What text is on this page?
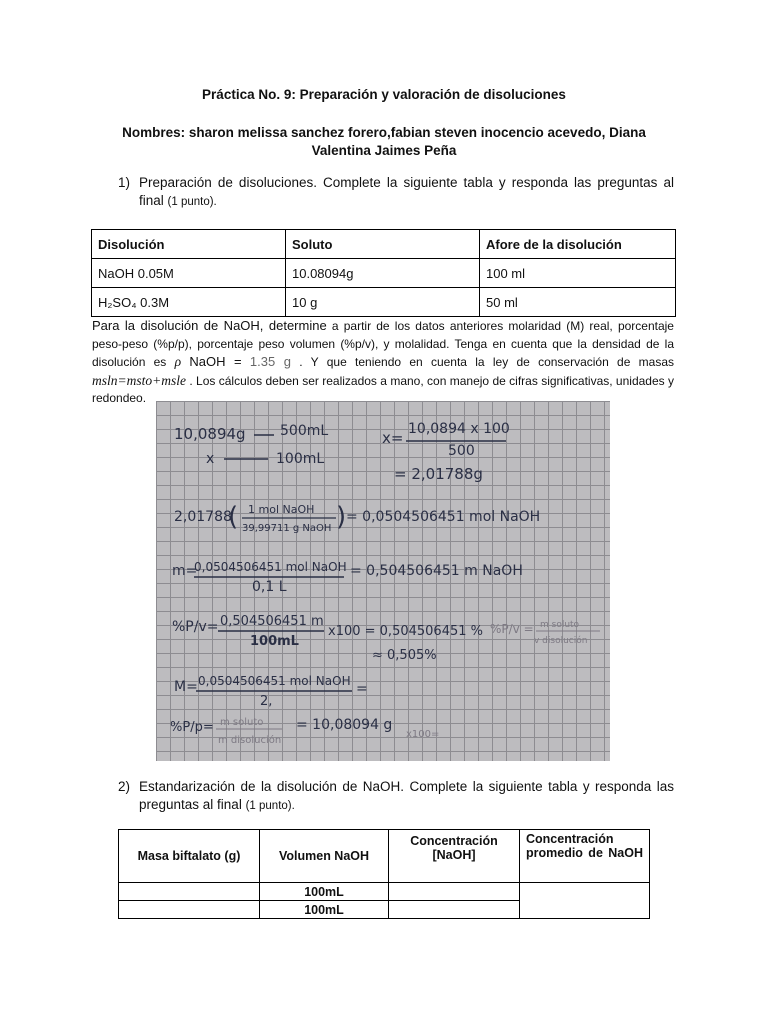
Práctica No. 9: Preparación y valoración de disoluciones
Nombres: sharon melissa sanchez forero,fabian steven inocencio acevedo, Diana Valentina Jaimes Peña
1) Preparación de disoluciones. Complete la siguiente tabla y responda las preguntas al final (1 punto).
Disolución	Soluto	Afore de la disolución
NaOH 0.05M	10.08094g	100 ml
H₂SO₄ 0.3M	10 g	50 ml
Para la disolución de NaOH, determine a partir de los datos anteriores molaridad (M) real, porcentaje peso-peso (%p/p), porcentaje peso volumen (%p/v), y molalidad. Tenga en cuenta que la densidad de la disolución es ρ NaOH = 1.35 g . Y que teniendo en cuenta la ley de conservación de masas msln=msto+msle . Los cálculos deben ser realizados a mano, con manejo de cifras significativas, unidades y redondeo.
10,0894g 500mL
x	100mL
x= 10,0894 x 100
500
= 2,01788g
2,01788
( 1 mol NaOH
39,99711 g NaOH ) = 0,0504506451 mol NaOH
m=
0,0504506451 mol NaOH
0,1 L
= 0,504506451 m NaOH
%P/v= 0,504506451 m
100mL
x100 = 0,504506451 %
≈ 0,505%
%P/v = m soluto
v disolución
M= 0,0504506451 mol NaOH
2,
=
%P/p= m soluto
m disolución
= 10,08094 g
x100=
2) Estandarización de la disolución de NaOH. Complete la siguiente tabla y responda las preguntas al final (1 punto).
Masa biftalato (g)	Volumen NaOH	Concentración [NaOH]	Concentración promedio de NaOH
	100mL		
	100mL		
